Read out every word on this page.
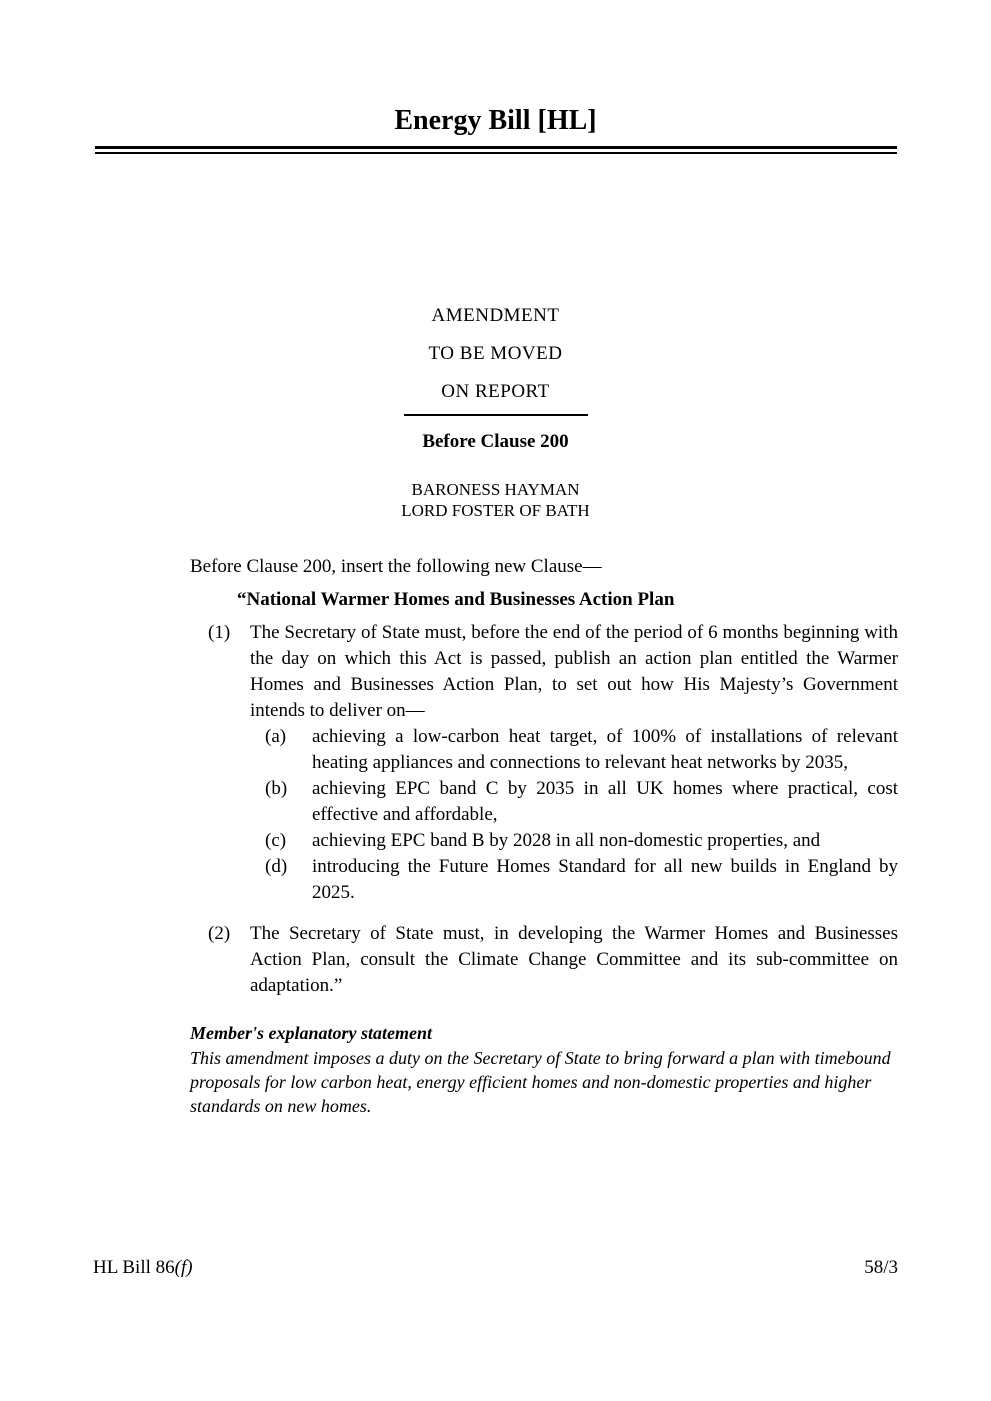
Energy Bill [HL]
AMENDMENT
TO BE MOVED
ON REPORT
Before Clause 200
BARONESS HAYMAN
LORD FOSTER OF BATH
Before Clause 200, insert the following new Clause—
“National Warmer Homes and Businesses Action Plan
(1)	The Secretary of State must, before the end of the period of 6 months beginning with the day on which this Act is passed, publish an action plan entitled the Warmer Homes and Businesses Action Plan, to set out how His Majesty’s Government intends to deliver on—
(a)	achieving a low-carbon heat target, of 100% of installations of relevant heating appliances and connections to relevant heat networks by 2035,
(b)	achieving EPC band C by 2035 in all UK homes where practical, cost effective and affordable,
(c)	achieving EPC band B by 2028 in all non-domestic properties, and
(d)	introducing the Future Homes Standard for all new builds in England by 2025.
(2)	The Secretary of State must, in developing the Warmer Homes and Businesses Action Plan, consult the Climate Change Committee and its sub-committee on adaptation.”
Member's explanatory statement
This amendment imposes a duty on the Secretary of State to bring forward a plan with timebound proposals for low carbon heat, energy efficient homes and non-domestic properties and higher standards on new homes.
HL Bill 86(f)	58/3
